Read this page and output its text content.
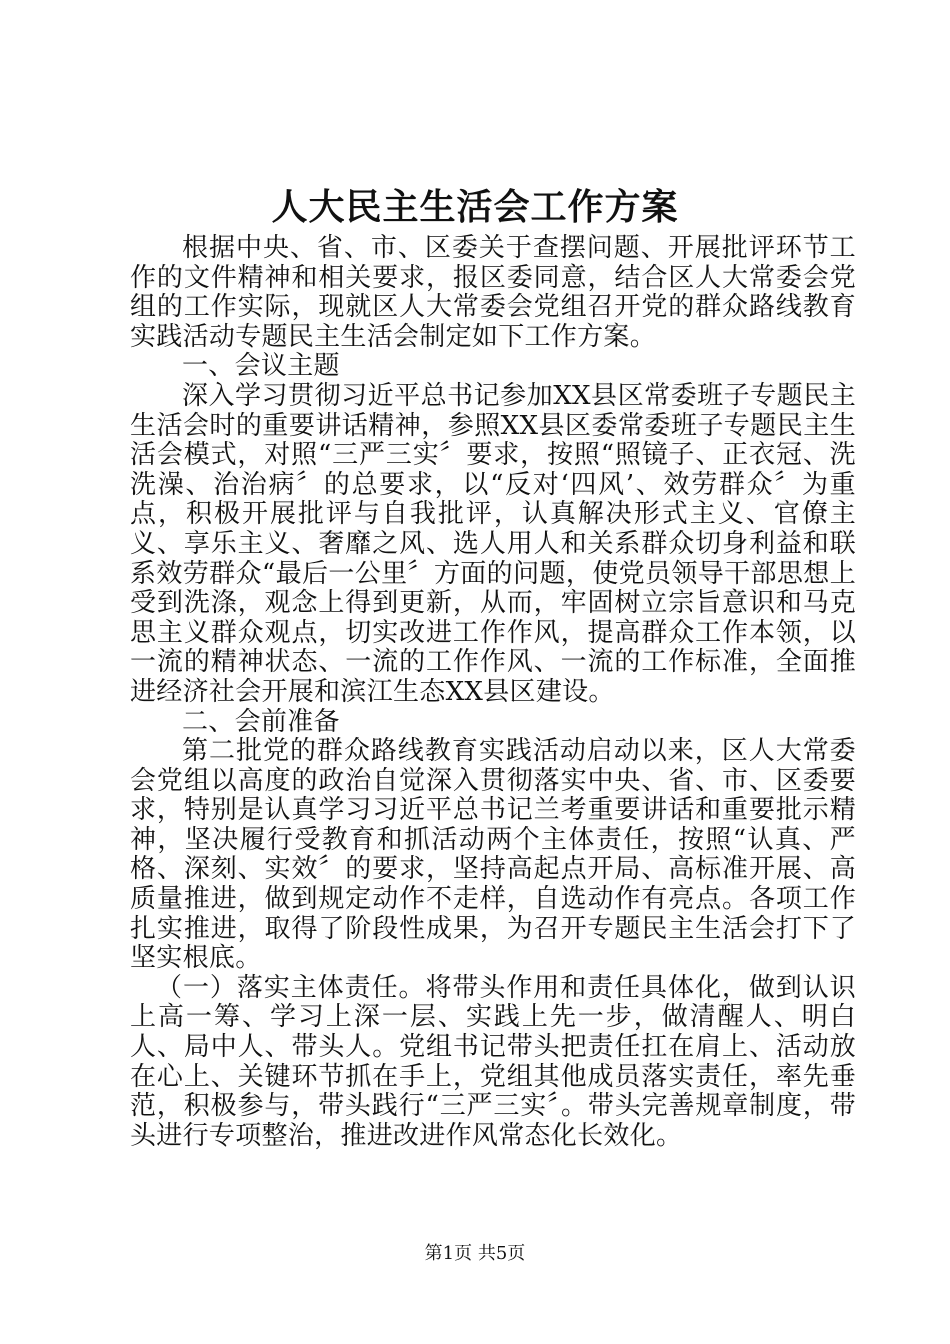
人大民主生活会工作方案

根据中央、省、市、区委关于查摆问题、开展批评环节工作的文件精神和相关要求，报区委同意，结合区人大常委会党组的工作实际，现就区人大常委会党组召开党的群众路线教育实践活动专题民主生活会制定如下工作方案。

一、会议主题

深入学习贯彻习近平总书记参加XX县区常委班子专题民主生活会时的重要讲话精神，参照XX县区委常委班子专题民主生活会模式，对照“三严三实〞要求，按照“照镜子、正衣冠、洗洗澡、治治病〞的总要求，以“反对‘四风’、效劳群众〞为重点，积极开展批评与自我批评，认真解决形式主义、官僚主义、享乐主义、奢靡之风、选人用人和关系群众切身利益和联系效劳群众“最后一公里〞方面的问题，使党员领导干部思想上受到洗涤，观念上得到更新，从而，牢固树立宗旨意识和马克思主义群众观点，切实改进工作作风，提高群众工作本领，以一流的精神状态、一流的工作作风、一流的工作标准，全面推进经济社会开展和滨江生态XX县区建设。

二、会前准备

第二批党的群众路线教育实践活动启动以来，区人大常委会党组以高度的政治自觉深入贯彻落实中央、省、市、区委要求，特别是认真学习习近平总书记兰考重要讲话和重要批示精神，坚决履行受教育和抓活动两个主体责任，按照“认真、严格、深刻、实效〞的要求，坚持高起点开局、高标准开展、高质量推进，做到规定动作不走样，自选动作有亮点。各项工作扎实推进，取得了阶段性成果，为召开专题民主生活会打下了坚实根底。

（一）落实主体责任。将带头作用和责任具体化，做到认识上高一筹、学习上深一层、实践上先一步，做清醒人、明白人、局中人、带头人。党组书记带头把责任扛在肩上、活动放在心上、关键环节抓在手上，党组其他成员落实责任，率先垂范，积极参与，带头践行“三严三实〞。带头完善规章制度，带头进行专项整治，推进改进作风常态化长效化。

第1页 共5页
